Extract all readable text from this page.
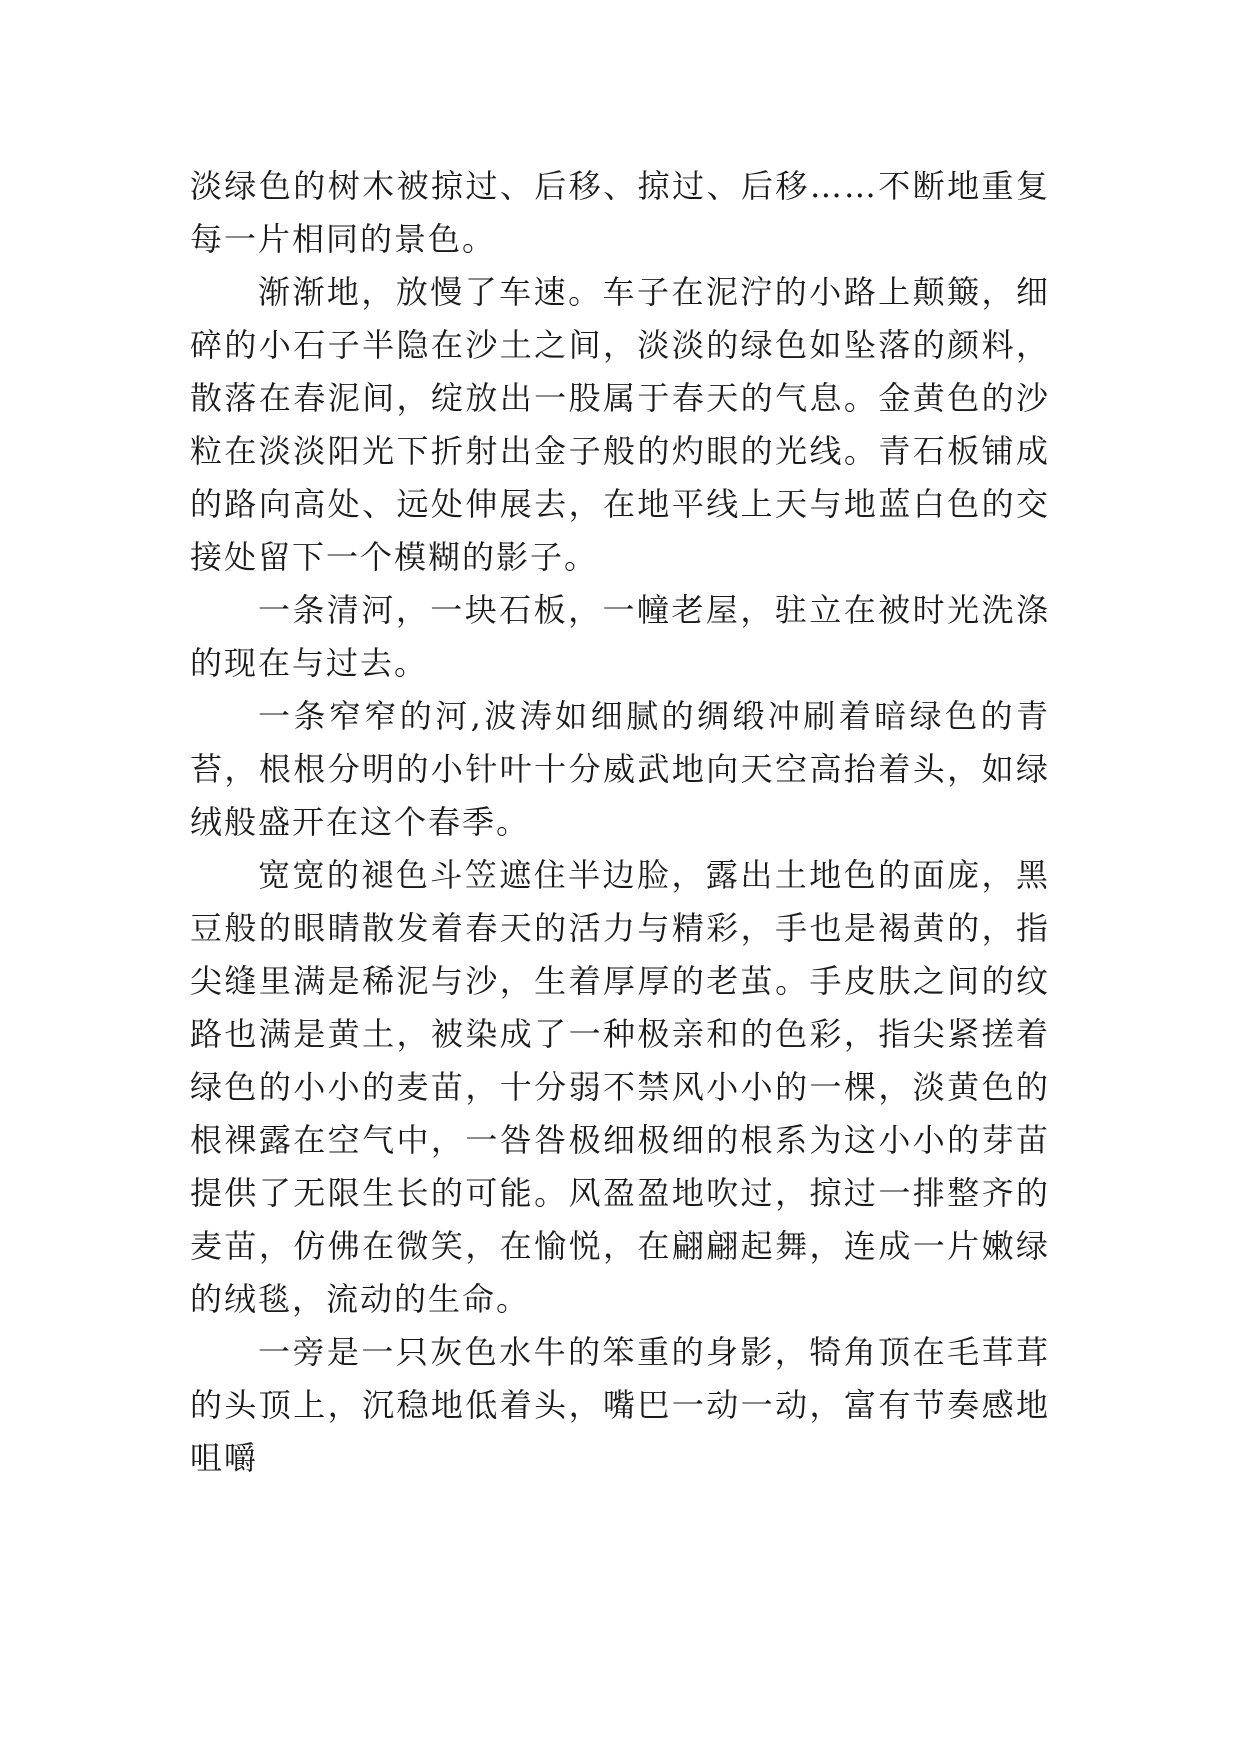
淡绿色的树木被掠过、后移、掠过、后移……不断地重复每一片相同的景色。

渐渐地，放慢了车速。车子在泥泞的小路上颠簸，细碎的小石子半隐在沙土之间，淡淡的绿色如坠落的颜料，散落在春泥间，绽放出一股属于春天的气息。金黄色的沙粒在淡淡阳光下折射出金子般的灼眼的光线。青石板铺成的路向高处、远处伸展去，在地平线上天与地蓝白色的交接处留下一个模糊的影子。

一条清河，一块石板，一幢老屋，驻立在被时光洗涤的现在与过去。

一条窄窄的河,波涛如细腻的绸缎冲刷着暗绿色的青苔，根根分明的小针叶十分威武地向天空高抬着头，如绿绒般盛开在这个春季。

宽宽的褪色斗笠遮住半边脸，露出土地色的面庞，黑豆般的眼睛散发着春天的活力与精彩，手也是褐黄的，指尖缝里满是稀泥与沙，生着厚厚的老茧。手皮肤之间的纹路也满是黄土，被染成了一种极亲和的色彩，指尖紧搓着绿色的小小的麦苗，十分弱不禁风小小的一棵，淡黄色的根裸露在空气中，一咎咎极细极细的根系为这小小的芽苗提供了无限生长的可能。风盈盈地吹过，掠过一排整齐的麦苗，仿佛在微笑，在愉悦，在翩翩起舞，连成一片嫩绿的绒毯，流动的生命。

一旁是一只灰色水牛的笨重的身影，犄角顶在毛茸茸的头顶上，沉稳地低着头，嘴巴一动一动，富有节奏感地咀嚼
